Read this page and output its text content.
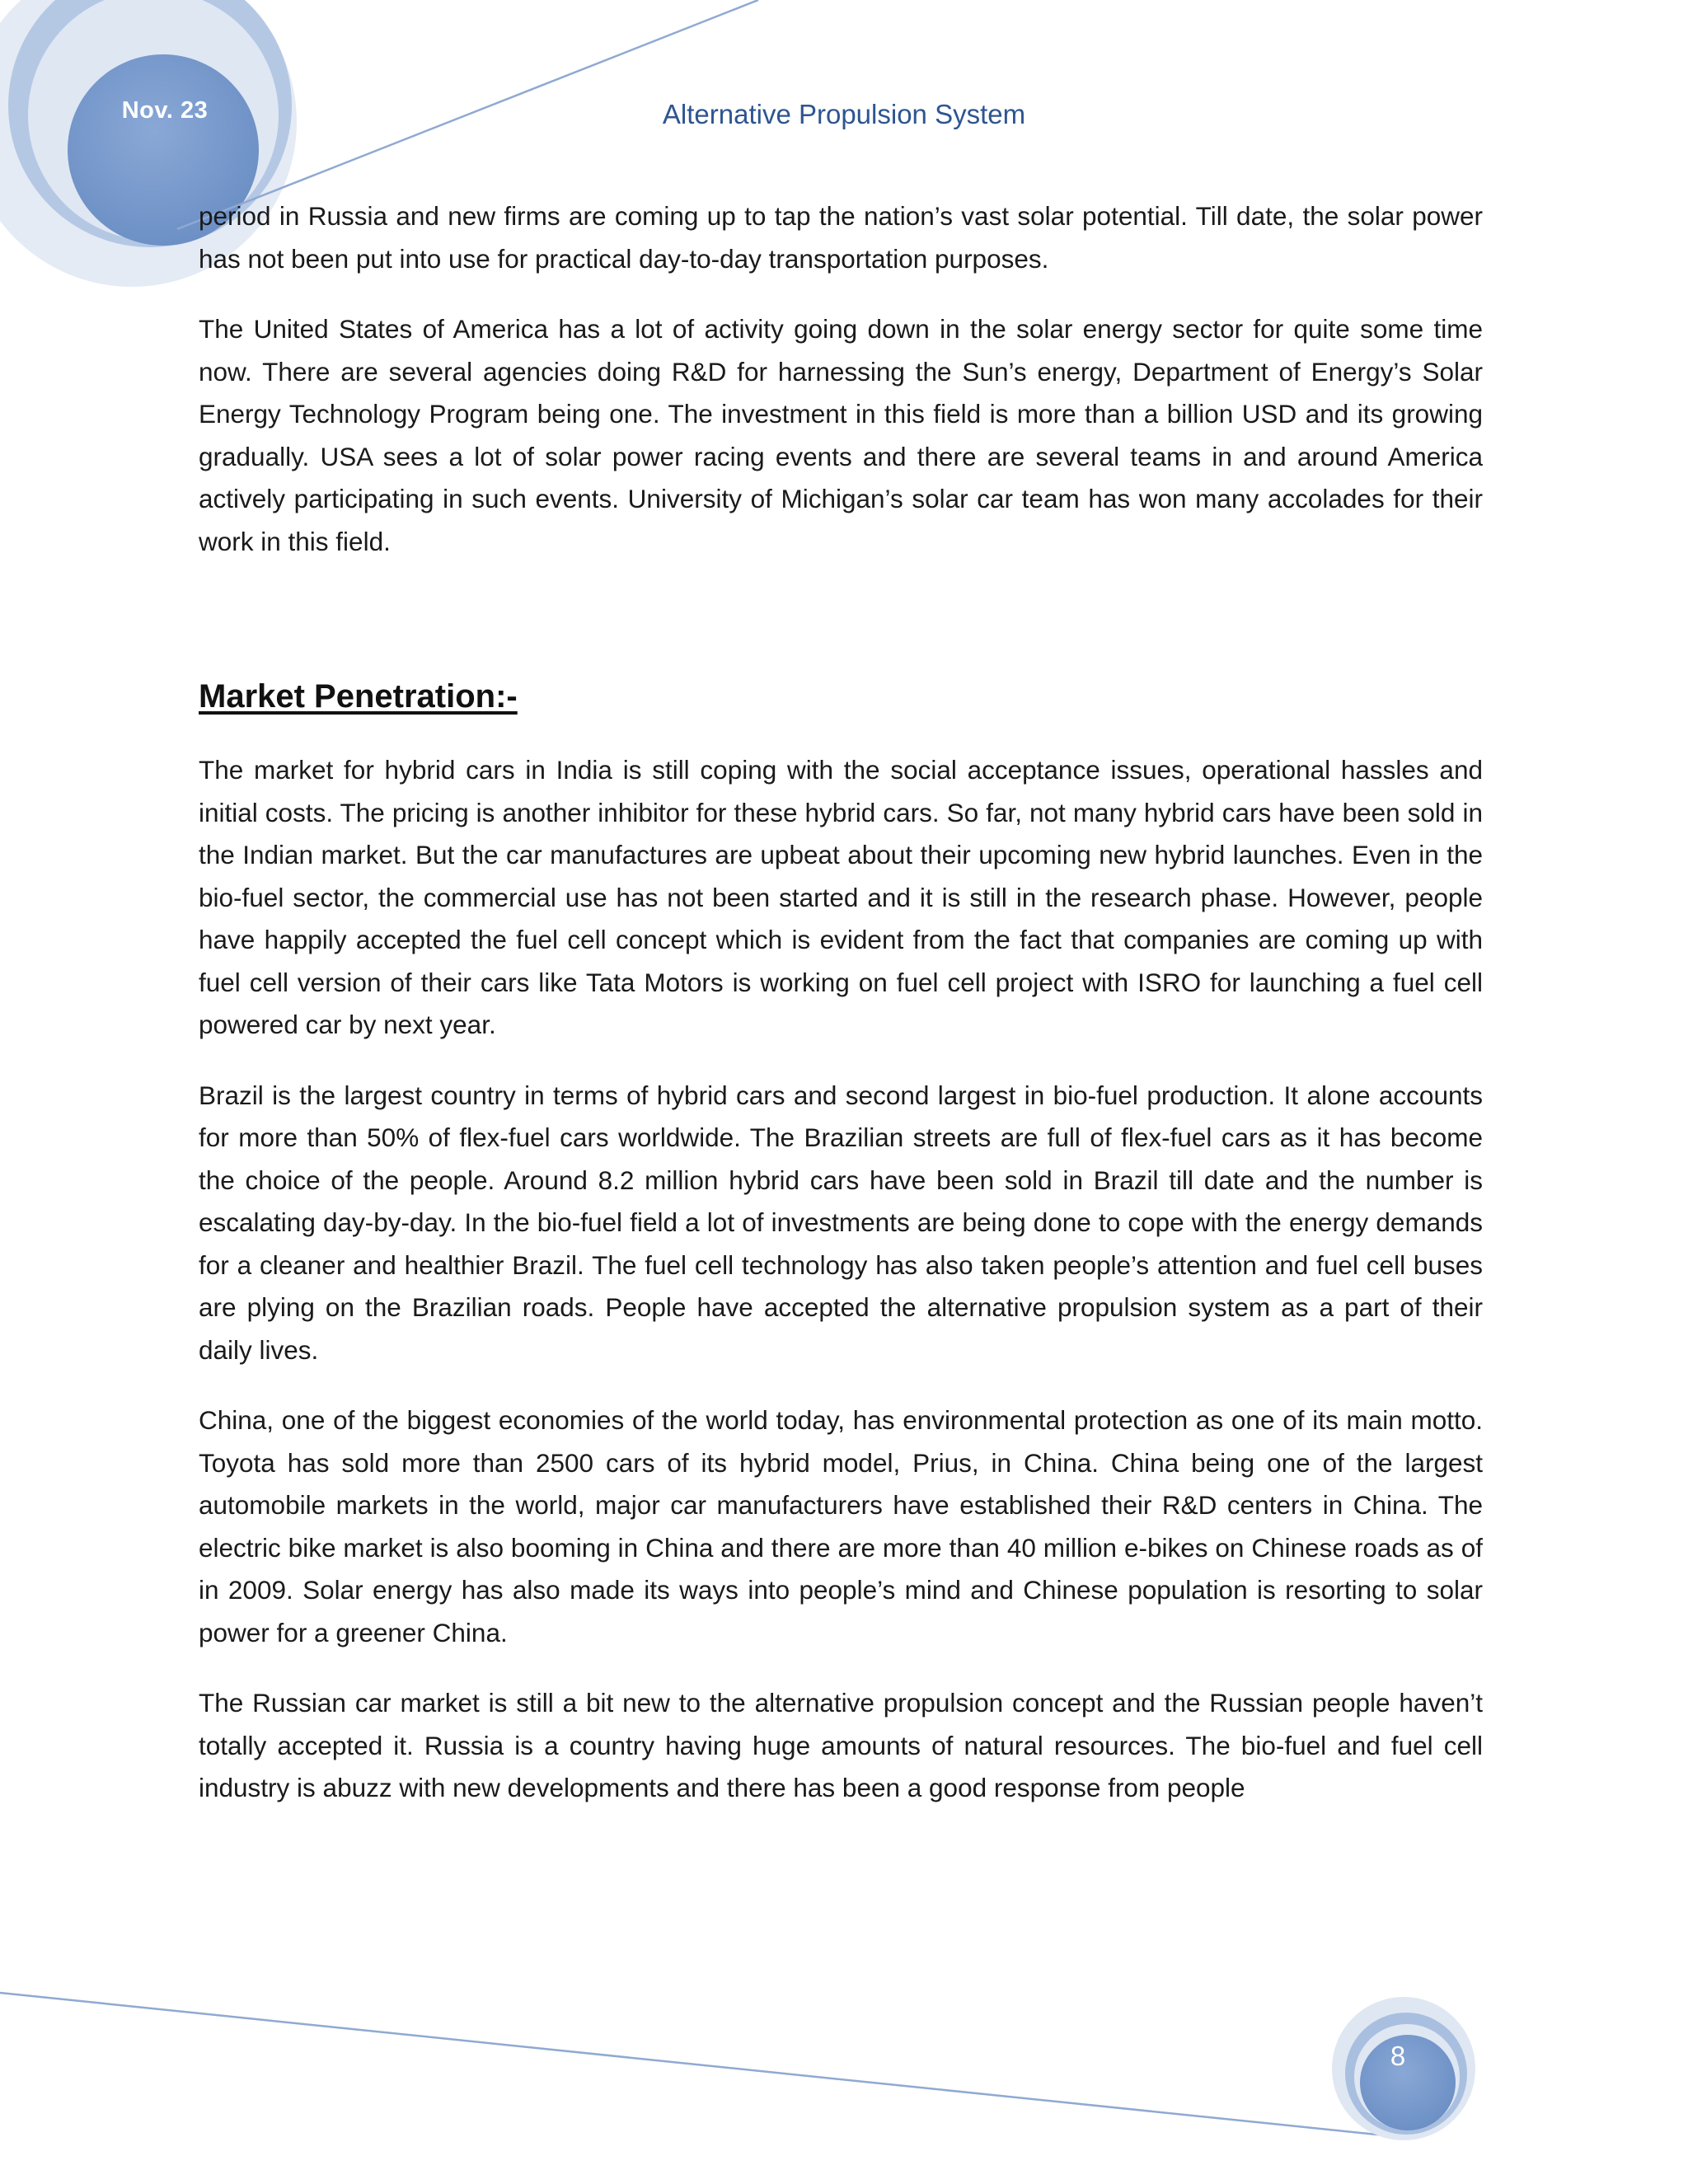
Nov. 23	Alternative Propulsion System

period in Russia and new firms are coming up to tap the nation’s vast solar potential. Till date, the solar power has not been put into use for practical day-to-day transportation purposes.

The United States of America has a lot of activity going down in the solar energy sector for quite some time now. There are several agencies doing R&D for harnessing the Sun’s energy, Department of Energy’s Solar Energy Technology Program being one. The investment in this field is more than a billion USD and its growing gradually. USA sees a lot of solar power racing events and there are several teams in and around America actively participating in such events. University of Michigan’s solar car team has won many accolades for their work in this field.

Market Penetration:-

The market for hybrid cars in India is still coping with the social acceptance issues, operational hassles and initial costs. The pricing is another inhibitor for these hybrid cars. So far, not many hybrid cars have been sold in the Indian market. But the car manufactures are upbeat about their upcoming new hybrid launches. Even in the bio-fuel sector, the commercial use has not been started and it is still in the research phase. However, people have happily accepted the fuel cell concept which is evident from the fact that companies are coming up with fuel cell version of their cars like Tata Motors is working on fuel cell project with ISRO for launching a fuel cell powered car by next year.

Brazil is the largest country in terms of hybrid cars and second largest in bio-fuel production. It alone accounts for more than 50% of flex-fuel cars worldwide. The Brazilian streets are full of flex-fuel cars as it has become the choice of the people. Around 8.2 million hybrid cars have been sold in Brazil till date and the number is escalating day-by-day. In the bio-fuel field a lot of investments are being done to cope with the energy demands for a cleaner and healthier Brazil. The fuel cell technology has also taken people’s attention and fuel cell buses are plying on the Brazilian roads. People have accepted the alternative propulsion system as a part of their daily lives.

China, one of the biggest economies of the world today, has environmental protection as one of its main motto. Toyota has sold more than 2500 cars of its hybrid model, Prius, in China. China being one of the largest automobile markets in the world, major car manufacturers have established their R&D centers in China. The electric bike market is also booming in China and there are more than 40 million e-bikes on Chinese roads as of in 2009. Solar energy has also made its ways into people’s mind and Chinese population is resorting to solar power for a greener China.

The Russian car market is still a bit new to the alternative propulsion concept and the Russian people haven’t totally accepted it. Russia is a country having huge amounts of natural resources. The bio-fuel and fuel cell industry is abuzz with new developments and there has been a good response from people

8
